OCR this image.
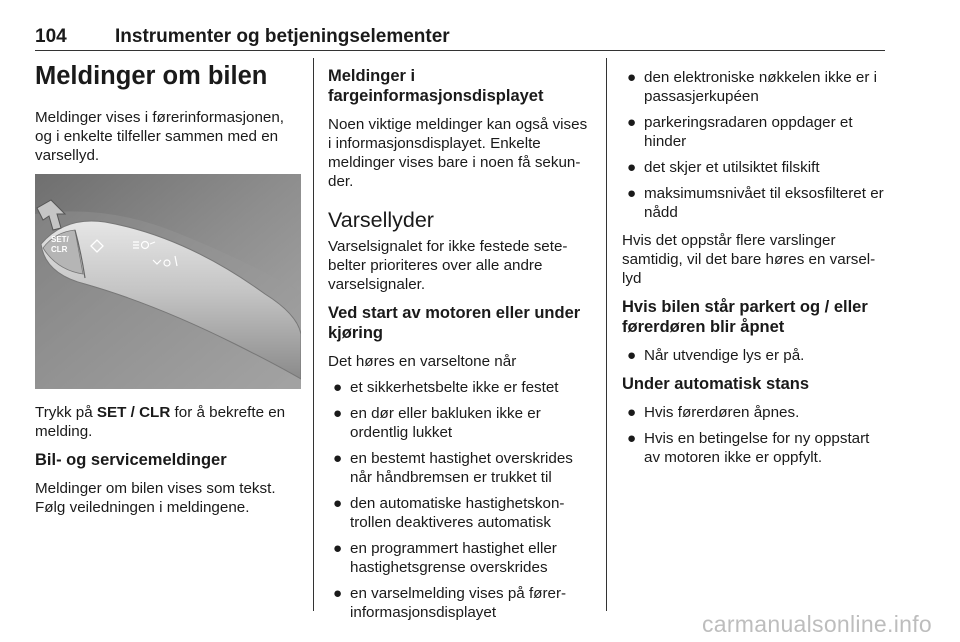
104	Instrumenter og betjeningselementer
Meldinger om bilen

Meldinger vises i førerinformasjonen, og i enkelte tilfeller sammen med en varsellyd.

SET/
CLR

Trykk på SET / CLR for å bekrefte en melding.

Bil- og servicemeldinger

Meldinger om bilen vises som tekst. Følg veiledningen i meldingene.

Meldinger i fargeinformasjonsdisplayet

Noen viktige meldinger kan også vises i informasjonsdisplayet. Enkelte meldinger vises bare i noen få sekun-der.

Varsellyder

Varselsignalet for ikke festede sete-belter prioriteres over alle andre varselsignaler.

Ved start av motoren eller under kjøring

Det høres en varseltone når

● et sikkerhetsbelte ikke er festet
● en dør eller bakluken ikke er ordentlig lukket
● en bestemt hastighet overskrides når håndbremsen er trukket til
● den automatiske hastighetskon-trollen deaktiveres automatisk
● en programmert hastighet eller hastighetsgrense overskrides
● en varselmelding vises på fører-informasjonsdisplayet
● den elektroniske nøkkelen ikke er i passasjerkupéen
● parkeringsradaren oppdager et hinder
● det skjer et utilsiktet filskift
● maksimumsnivået til eksosfilteret er nådd

Hvis det oppstår flere varslinger samtidig, vil det bare høres en varsel-lyd

Hvis bilen står parkert og / eller førerdøren blir åpnet
● Når utvendige lys er på.
Under automatisk stans
● Hvis førerdøren åpnes.
● Hvis en betingelse for ny oppstart av motoren ikke er oppfylt.
carmanualsonline.info
